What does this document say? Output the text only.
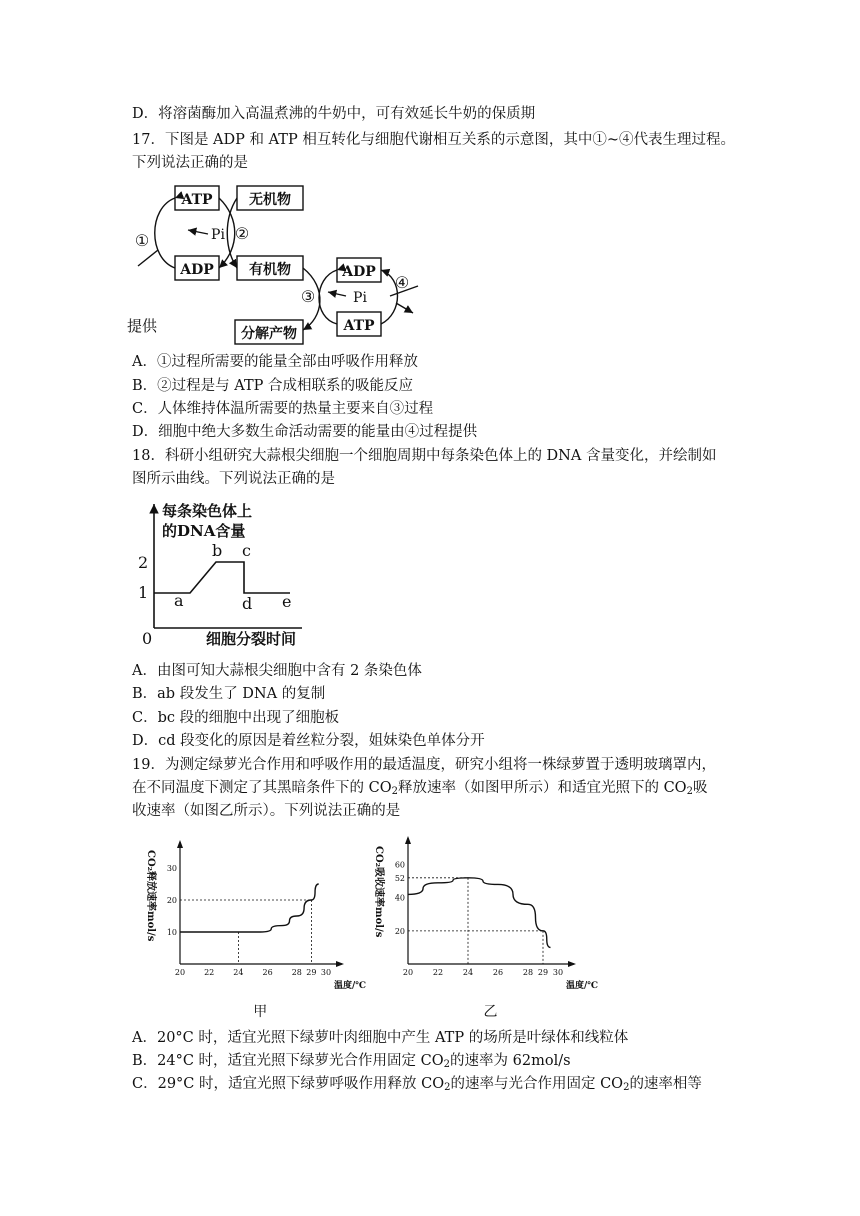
D．将溶菌酶加入高温煮沸的牛奶中，可有效延长牛奶的保质期
17．下图是 ADP 和 ATP 相互转化与细胞代谢相互关系的示意图，其中①~④代表生理过程。
下列说法正确的是
ATP
ADP
无机物
有机物	ADP
ATP
分解产物
Pi
Pi
①	②
③
④
提供
A．①过程所需要的能量全部由呼吸作用释放
B．②过程是与 ATP 合成相联系的吸能反应
C．人体维持体温所需要的热量主要来自③过程
D．细胞中绝大多数生命活动需要的能量由④过程提供
18．科研小组研究大蒜根尖细胞一个细胞周期中每条染色体上的 DNA 含量变化，并绘制如
图所示曲线。下列说法正确的是
每条染色体上
的DNA含量
细胞分裂时间
0
1
2
a
b c
d e
A．由图可知大蒜根尖细胞中含有 2 条染色体
B．ab 段发生了 DNA 的复制
C．bc 段的细胞中出现了细胞板
D．cd 段变化的原因是着丝粒分裂，姐妹染色单体分开
19．为测定绿萝光合作用和呼吸作用的最适温度，研究小组将一株绿萝置于透明玻璃罩内，
在不同温度下测定了其黑暗条件下的 $CO_2$释放速率（如图甲所示）和适宜光照下的 $CO_2$吸
收速率（如图乙所示）。下列说法正确的是
20 22 24 26 28 29 30
10
20
30
CO₂释放速率mol/s
温度/℃
甲
20 22 24 26 28 29 30
20
40
52
60
CO₂吸收速率mol/s
温度/℃
乙
A．20°C 时，适宜光照下绿萝叶肉细胞中产生 ATP 的场所是叶绿体和线粒体
B．24°C 时，适宜光照下绿萝光合作用固定 $CO_2$的速率为 62mol/s
C．29°C 时，适宜光照下绿萝呼吸作用释放 $CO_2$的速率与光合作用固定 $CO_2$的速率相等
